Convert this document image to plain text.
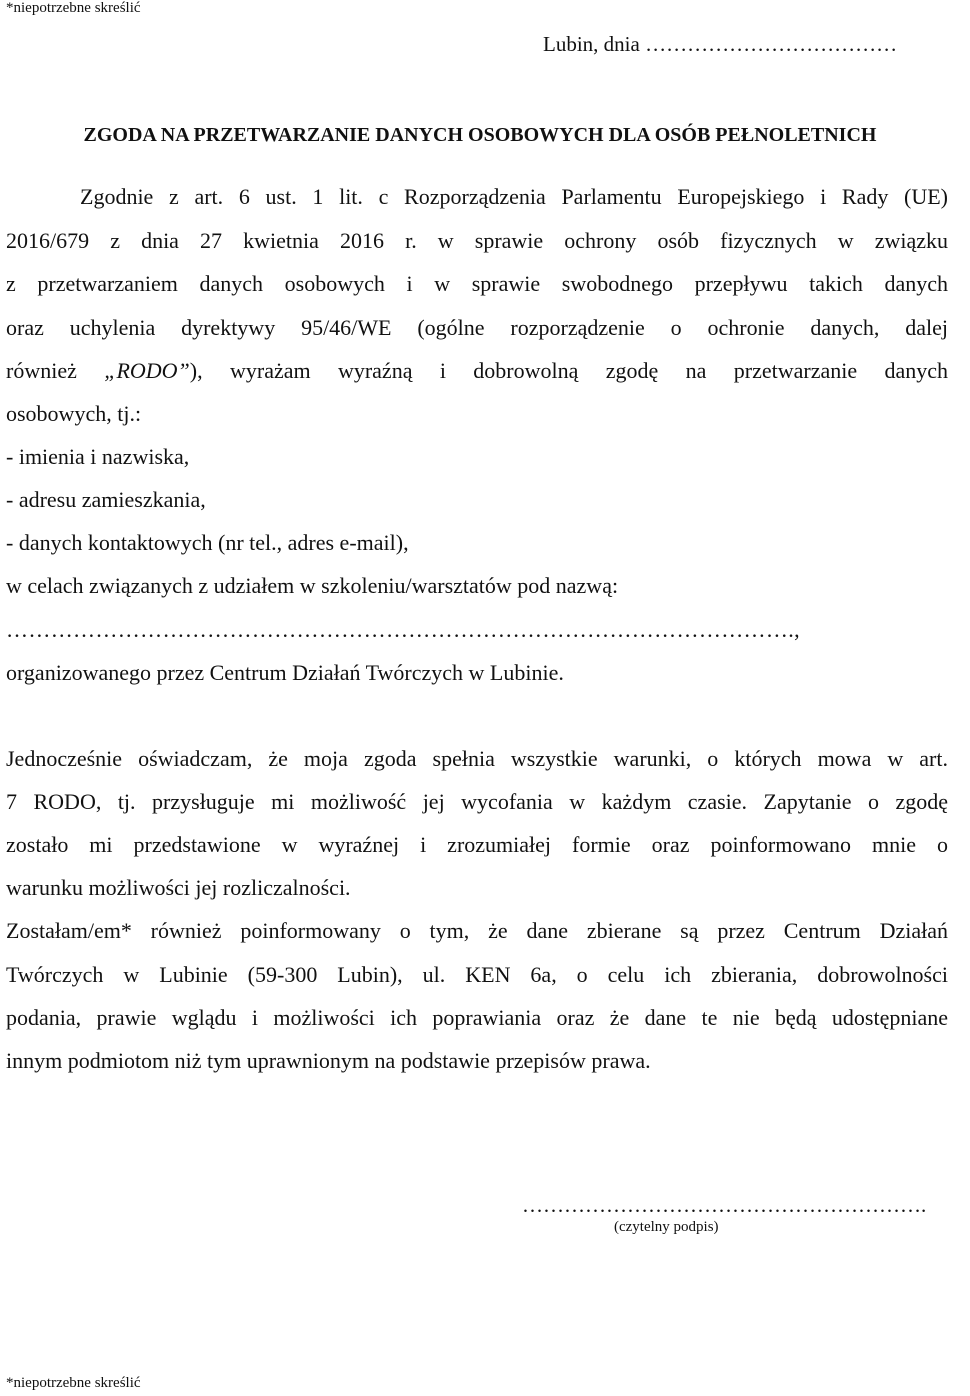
*niepotrzebne skreślić
Lubin, dnia ………………………………
ZGODA NA PRZETWARZANIE DANYCH OSOBOWYCH DLA OSÓB PEŁNOLETNICH
Zgodnie z art. 6 ust. 1 lit. c Rozporządzenia Parlamentu Europejskiego i Rady (UE)
2016/679 z dnia 27 kwietnia 2016 r. w sprawie ochrony osób fizycznych w związku
z przetwarzaniem danych osobowych i w sprawie swobodnego przepływu takich danych
oraz uchylenia dyrektywy 95/46/WE (ogólne rozporządzenie o ochronie danych, dalej
również „RODO”), wyrażam wyraźną i dobrowolną zgodę na przetwarzanie danych
osobowych, tj.:
- imienia i nazwiska,
- adresu zamieszkania,
- danych kontaktowych (nr tel., adres e-mail),
w celach związanych z udziałem w szkoleniu/warsztatów pod nazwą:
…………………………………………………………………………………………….,
organizowanego przez Centrum Działań Twórczych w Lubinie.
Jednocześnie oświadczam, że moja zgoda spełnia wszystkie warunki, o których mowa w art.
7 RODO, tj. przysługuje mi możliwość jej wycofania w każdym czasie. Zapytanie o zgodę
zostało mi przedstawione w wyraźnej i zrozumiałej formie oraz poinformowano mnie o
warunku możliwości jej rozliczalności.
Zostałam/em* również poinformowany o tym, że dane zbierane są przez Centrum Działań
Twórczych w Lubinie (59-300 Lubin), ul. KEN 6a, o celu ich zbierania, dobrowolności
podania, prawie wglądu i możliwości ich poprawiania oraz że dane te nie będą udostępniane
innym podmiotom niż tym uprawnionym na podstawie przepisów prawa.
………………………………………………….
(czytelny podpis)
*niepotrzebne skreślić
